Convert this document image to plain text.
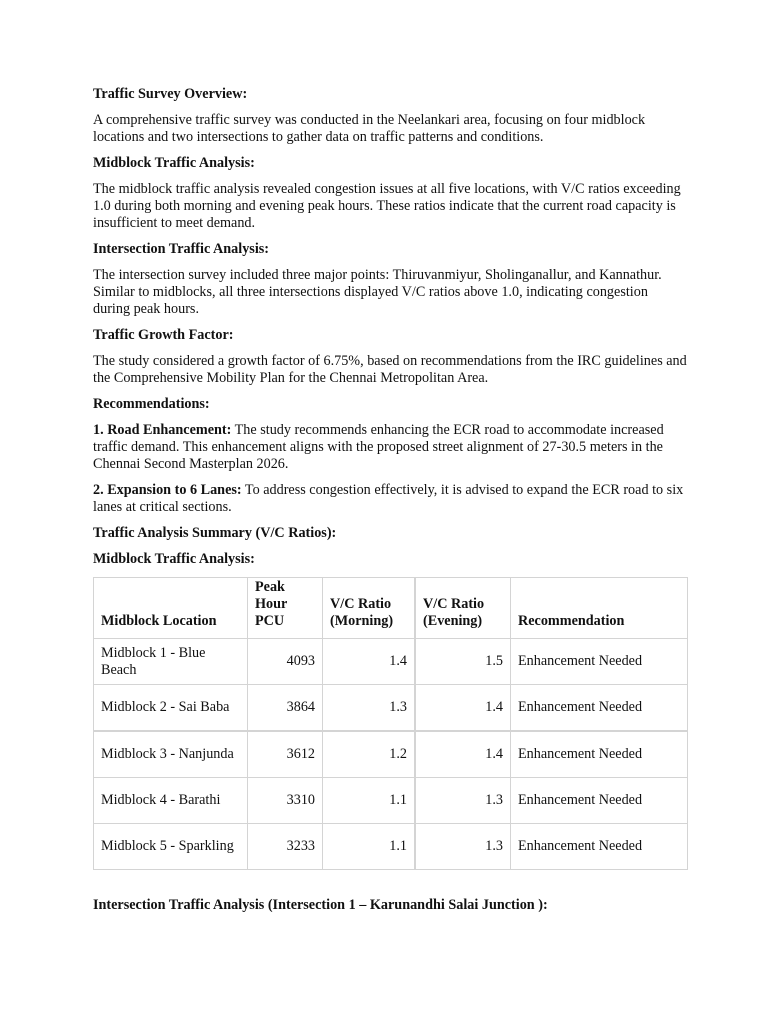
Traffic Survey Overview:

A comprehensive traffic survey was conducted in the Neelankari area, focusing on four midblock locations and two intersections to gather data on traffic patterns and conditions.

Midblock Traffic Analysis:

The midblock traffic analysis revealed congestion issues at all five locations, with V/C ratios exceeding 1.0 during both morning and evening peak hours. These ratios indicate that the current road capacity is insufficient to meet demand.

Intersection Traffic Analysis:

The intersection survey included three major points: Thiruvanmiyur, Sholinganallur, and Kannathur. Similar to midblocks, all three intersections displayed V/C ratios above 1.0, indicating congestion during peak hours.

Traffic Growth Factor:

The study considered a growth factor of 6.75%, based on recommendations from the IRC guidelines and the Comprehensive Mobility Plan for the Chennai Metropolitan Area.

Recommendations:

1. Road Enhancement: The study recommends enhancing the ECR road to accommodate increased traffic demand. This enhancement aligns with the proposed street alignment of 27-30.5 meters in the Chennai Second Masterplan 2026.

2. Expansion to 6 Lanes: To address congestion effectively, it is advised to expand the ECR road to six lanes at critical sections.

Traffic Analysis Summary (V/C Ratios):
Midblock Traffic Analysis:
Midblock Location	Peak Hour PCU	V/C Ratio (Morning)	V/C Ratio (Evening)	Recommendation
Midblock 1 - Blue Beach	4093	1.4	1.5	Enhancement Needed
Midblock 2 - Sai Baba	3864	1.3	1.4	Enhancement Needed
Midblock 3 - Nanjunda	3612	1.2	1.4	Enhancement Needed
Midblock 4 - Barathi	3310	1.1	1.3	Enhancement Needed
Midblock 5 - Sparkling	3233	1.1	1.3	Enhancement Needed
Intersection Traffic Analysis (Intersection 1 – Karunandhi Salai Junction ):
